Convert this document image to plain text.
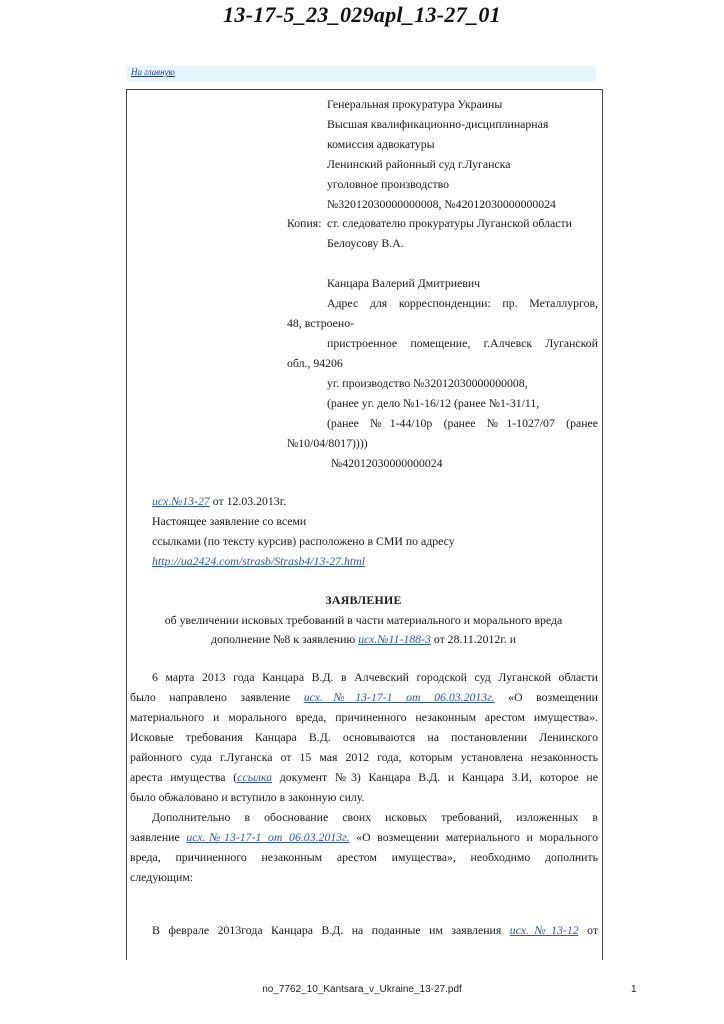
13-17-5_23_029apl_13-27_01
На главную
Генеральная прокуратура Украины
Высшая квалификационно-дисциплинарная
комиссия адвокатуры
Ленинский районный суд г.Луганска
уголовное производство
№32012030000000008, №42012030000000024
Копия: ст. следователю прокуратуры Луганской области
Белоусову В.А.
Канцара Валерий Дмитриевич
Адрес для корреспонденции: пр. Металлургов,
48, встроено-
пристроенное помещение, г.Алчевск Луганской
обл., 94206
уг. производство №32012030000000008,
(ранее уг. дело №1-16/12 (ранее №1-31/11,
(ранее №1-44/10р (ранее №1-1027/07 (ранее
№10/04/8017))))
№42012030000000024
исх.№13-27 от 12.03.2013г.
Настоящее заявление со всеми
ссылками (по тексту курсив) расположено в СМИ по адресу
http://ua2424.com/strasb/Strasb4/13-27.html
ЗАЯВЛЕНИЕ
об увеличении исковых требований в части материального и морального вреда
дополнение №8 к заявлению исх.№11-188-3 от 28.11.2012г. и
6 марта 2013 года Канцара В.Д. в Алчевский городской суд Луганской области
было направлено заявление исх.№13-17-1 от 06.03.2013г. «О возмещении
материального и морального вреда, причиненного незаконным арестом имущества».
Исковые требования Канцара В.Д. основываются на постановлении Ленинского
районного суда г.Луганска от 15 мая 2012 года, которым установлена незаконность
ареста имущества (ссылка документ №3) Канцара В.Д. и Канцара З.И, которое не
было обжаловано и вступило в законную силу.
Дополнительно в обоснование своих исковых требований, изложенных в
заявление исх.№13-17-1 от 06.03.2013г. «О возмещении материального и морального
вреда, причиненного незаконным арестом имущества», необходимо дополнить
следующим:
В феврале 2013года Канцара В.Д. на поданные им заявления исх.№13-12 от
no_7762_10_Kantsara_v_Ukraine_13-27.pdf	1
